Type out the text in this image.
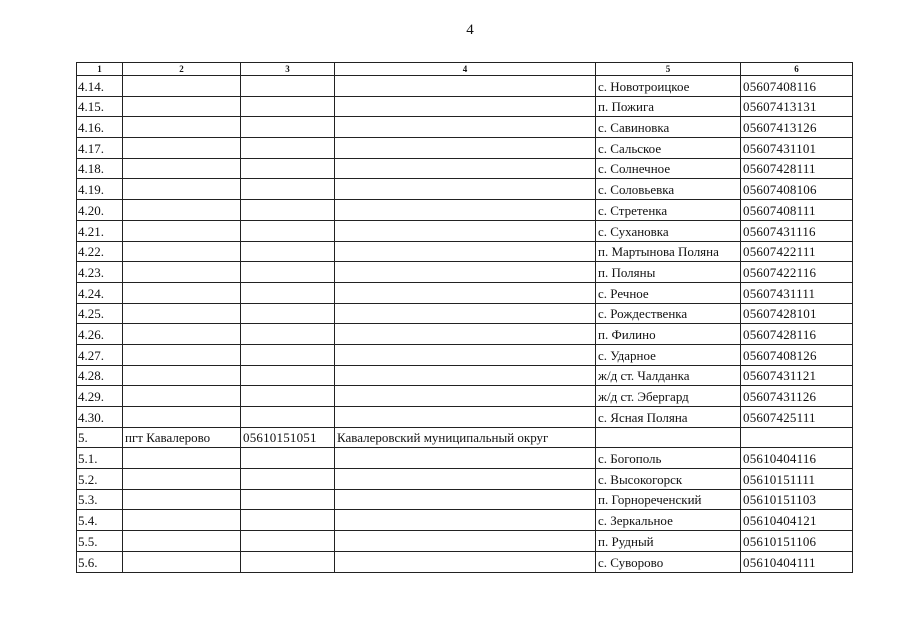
4
1	2	3	4	5	6
4.14.				с. Новотроицкое	05607408116
4.15.				п. Пожига	05607413131
4.16.				с. Савиновка	05607413126
4.17.				с. Сальское	05607431101
4.18.				с. Солнечное	05607428111
4.19.				с. Соловьевка	05607408106
4.20.				с. Стретенка	05607408111
4.21.				с. Сухановка	05607431116
4.22.				п. Мартынова Поляна	05607422111
4.23.				п. Поляны	05607422116
4.24.				с. Речное	05607431111
4.25.				с. Рождественка	05607428101
4.26.				п. Филино	05607428116
4.27.				с. Ударное	05607408126
4.28.				ж/д ст. Чалданка	05607431121
4.29.				ж/д ст. Эбергард	05607431126
4.30.				с. Ясная Поляна	05607425111
5.	пгт Кавалерово	05610151051	Кавалеровский муниципальный округ		
5.1.				с. Богополь	05610404116
5.2.				с. Высокогорск	05610151111
5.3.				п. Горнореченский	05610151103
5.4.				с. Зеркальное	05610404121
5.5.				п. Рудный	05610151106
5.6.				с. Суворово	05610404111
